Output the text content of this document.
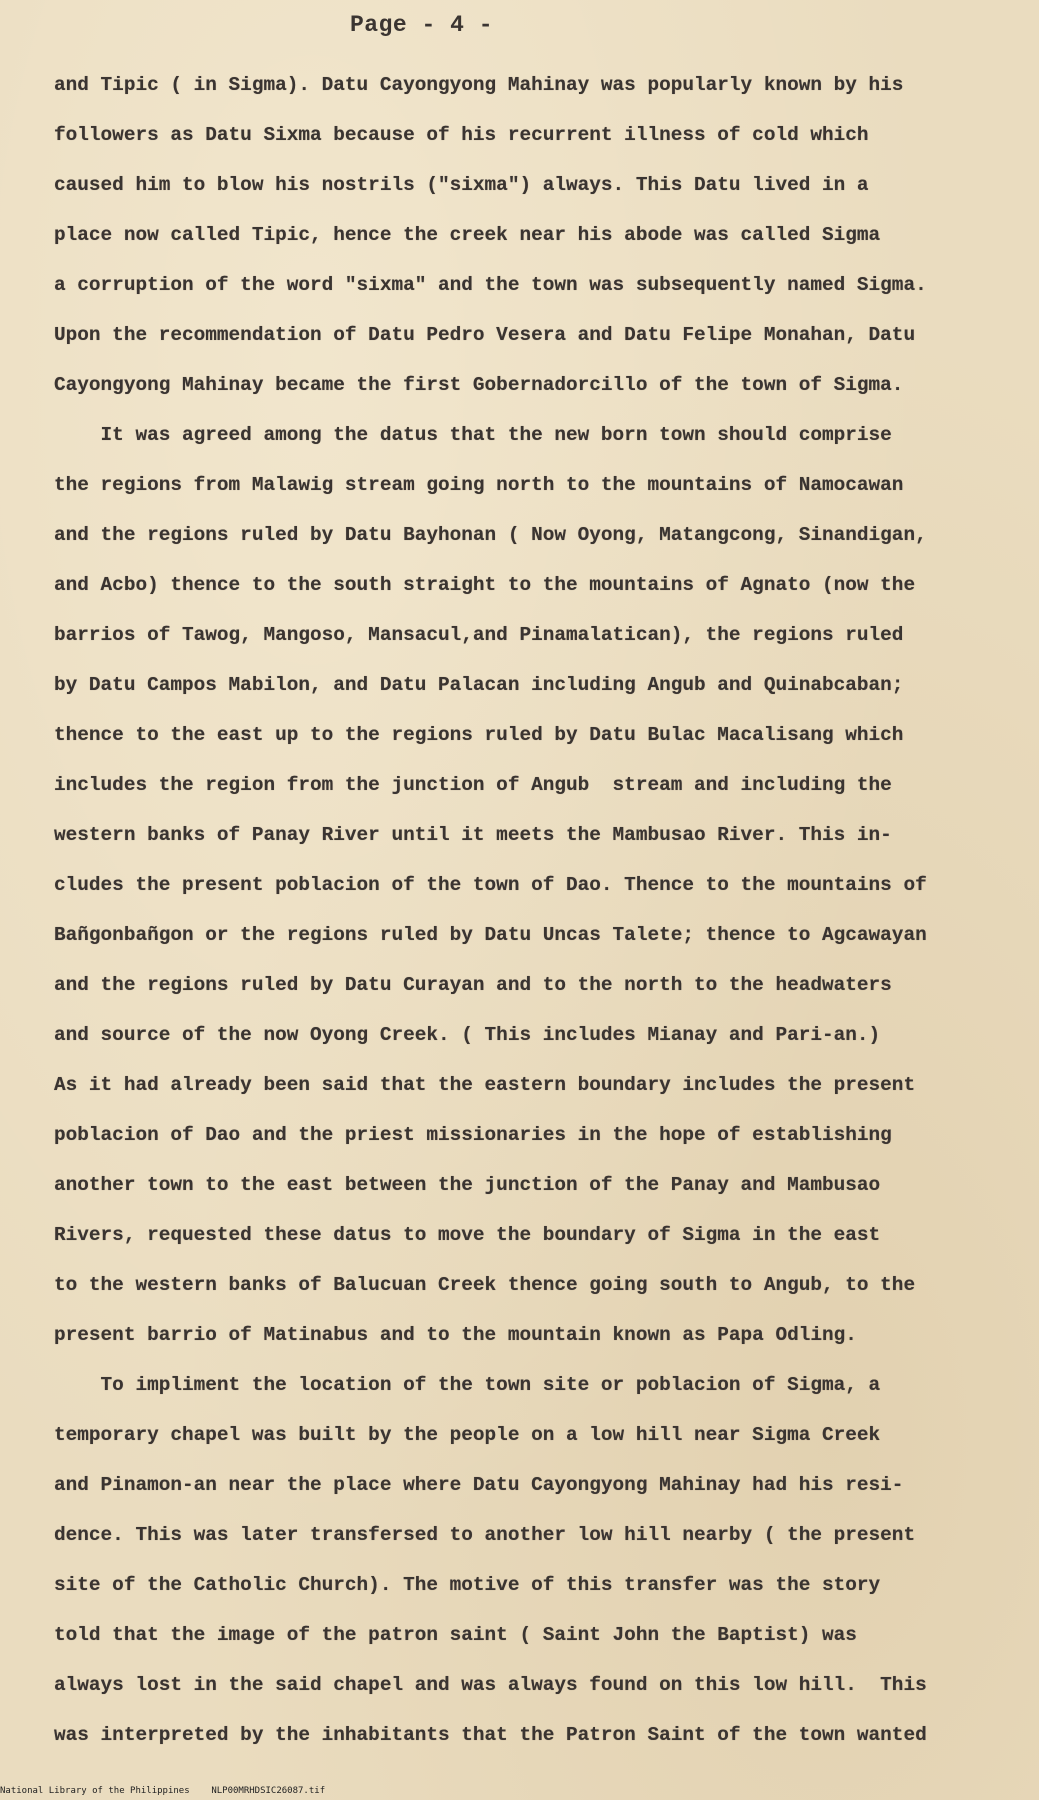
Page - 4 -
and Tipic ( in Sigma). Datu Cayongyong Mahinay was popularly known by his
followers as Datu Sixma because of his recurrent illness of cold which
caused him to blow his nostrils ("sixma") always. This Datu lived in a
place now called Tipic, hence the creek near his abode was called Sigma
a corruption of the word "sixma" and the town was subsequently named Sigma.
Upon the recommendation of Datu Pedro Vesera and Datu Felipe Monahan, Datu
Cayongyong Mahinay became the first Gobernadorcillo of the town of Sigma.
It was agreed among the datus that the new born town should comprise
the regions from Malawig stream going north to the mountains of Namocawan
and the regions ruled by Datu Bayhonan ( Now Oyong, Matangcong, Sinandigan,
and Acbo) thence to the south straight to the mountains of Agnato (now the
barrios of Tawog, Mangoso, Mansacul,and Pinamalatican), the regions ruled
by Datu Campos Mabilon, and Datu Palacan including Angub and Quinabcaban;
thence to the east up to the regions ruled by Datu Bulac Macalisang which
includes the region from the junction of Angub  stream and including the
western banks of Panay River until it meets the Mambusao River. This in-
cludes the present poblacion of the town of Dao. Thence to the mountains of
Bañgonbañgon or the regions ruled by Datu Uncas Talete; thence to Agcawayan
and the regions ruled by Datu Curayan and to the north to the headwaters
and source of the now Oyong Creek. ( This includes Mianay and Pari-an.)
As it had already been said that the eastern boundary includes the present
poblacion of Dao and the priest missionaries in the hope of establishing
another town to the east between the junction of the Panay and Mambusao
Rivers, requested these datus to move the boundary of Sigma in the east
to the western banks of Balucuan Creek thence going south to Angub, to the
present barrio of Matinabus and to the mountain known as Papa Odling.
To impliment the location of the town site or poblacion of Sigma, a
temporary chapel was built by the people on a low hill near Sigma Creek
and Pinamon-an near the place where Datu Cayongyong Mahinay had his resi-
dence. This was later transfersed to another low hill nearby ( the present
site of the Catholic Church). The motive of this transfer was the story
told that the image of the patron saint ( Saint John the Baptist) was
always lost in the said chapel and was always found on this low hill.  This
was interpreted by the inhabitants that the Patron Saint of the town wanted
National Library of the Philippines    NLP00MRHDSIC26087.tif
